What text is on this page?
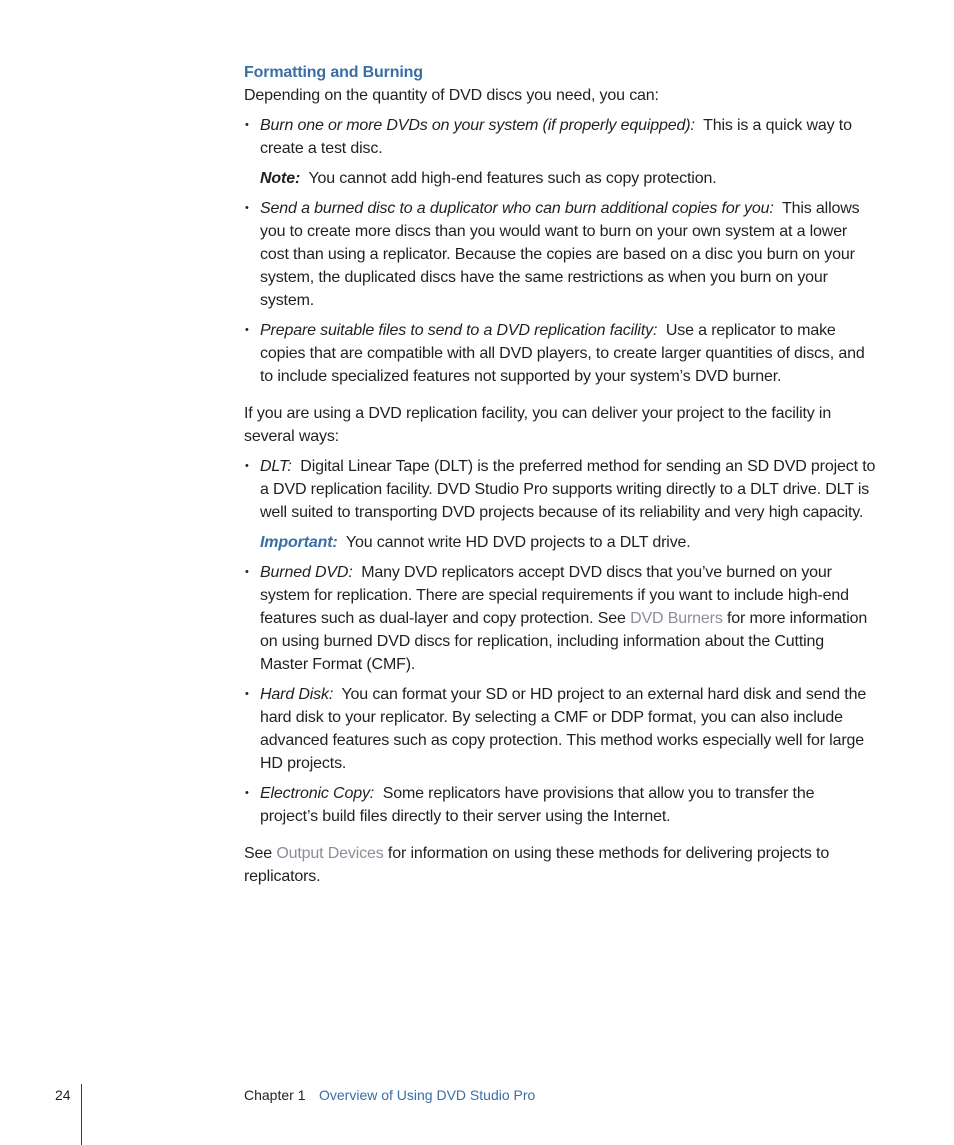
Formatting and Burning

Depending on the quantity of DVD discs you need, you can:

• Burn one or more DVDs on your system (if properly equipped): This is a quick way to create a test disc.
Note: You cannot add high-end features such as copy protection.
• Send a burned disc to a duplicator who can burn additional copies for you: This allows you to create more discs than you would want to burn on your own system at a lower cost than using a replicator. Because the copies are based on a disc you burn on your system, the duplicated discs have the same restrictions as when you burn on your system.
• Prepare suitable files to send to a DVD replication facility: Use a replicator to make copies that are compatible with all DVD players, to create larger quantities of discs, and to include specialized features not supported by your system’s DVD burner.

If you are using a DVD replication facility, you can deliver your project to the facility in several ways:

• DLT: Digital Linear Tape (DLT) is the preferred method for sending an SD DVD project to a DVD replication facility. DVD Studio Pro supports writing directly to a DLT drive. DLT is well suited to transporting DVD projects because of its reliability and very high capacity.
Important: You cannot write HD DVD projects to a DLT drive.
• Burned DVD: Many DVD replicators accept DVD discs that you’ve burned on your system for replication. There are special requirements if you want to include high-end features such as dual-layer and copy protection. See DVD Burners for more information on using burned DVD discs for replication, including information about the Cutting Master Format (CMF).
• Hard Disk: You can format your SD or HD project to an external hard disk and send the hard disk to your replicator. By selecting a CMF or DDP format, you can also include advanced features such as copy protection. This method works especially well for large HD projects.
• Electronic Copy: Some replicators have provisions that allow you to transfer the project’s build files directly to their server using the Internet.

See Output Devices for information on using these methods for delivering projects to replicators.

24	Chapter 1 Overview of Using DVD Studio Pro
